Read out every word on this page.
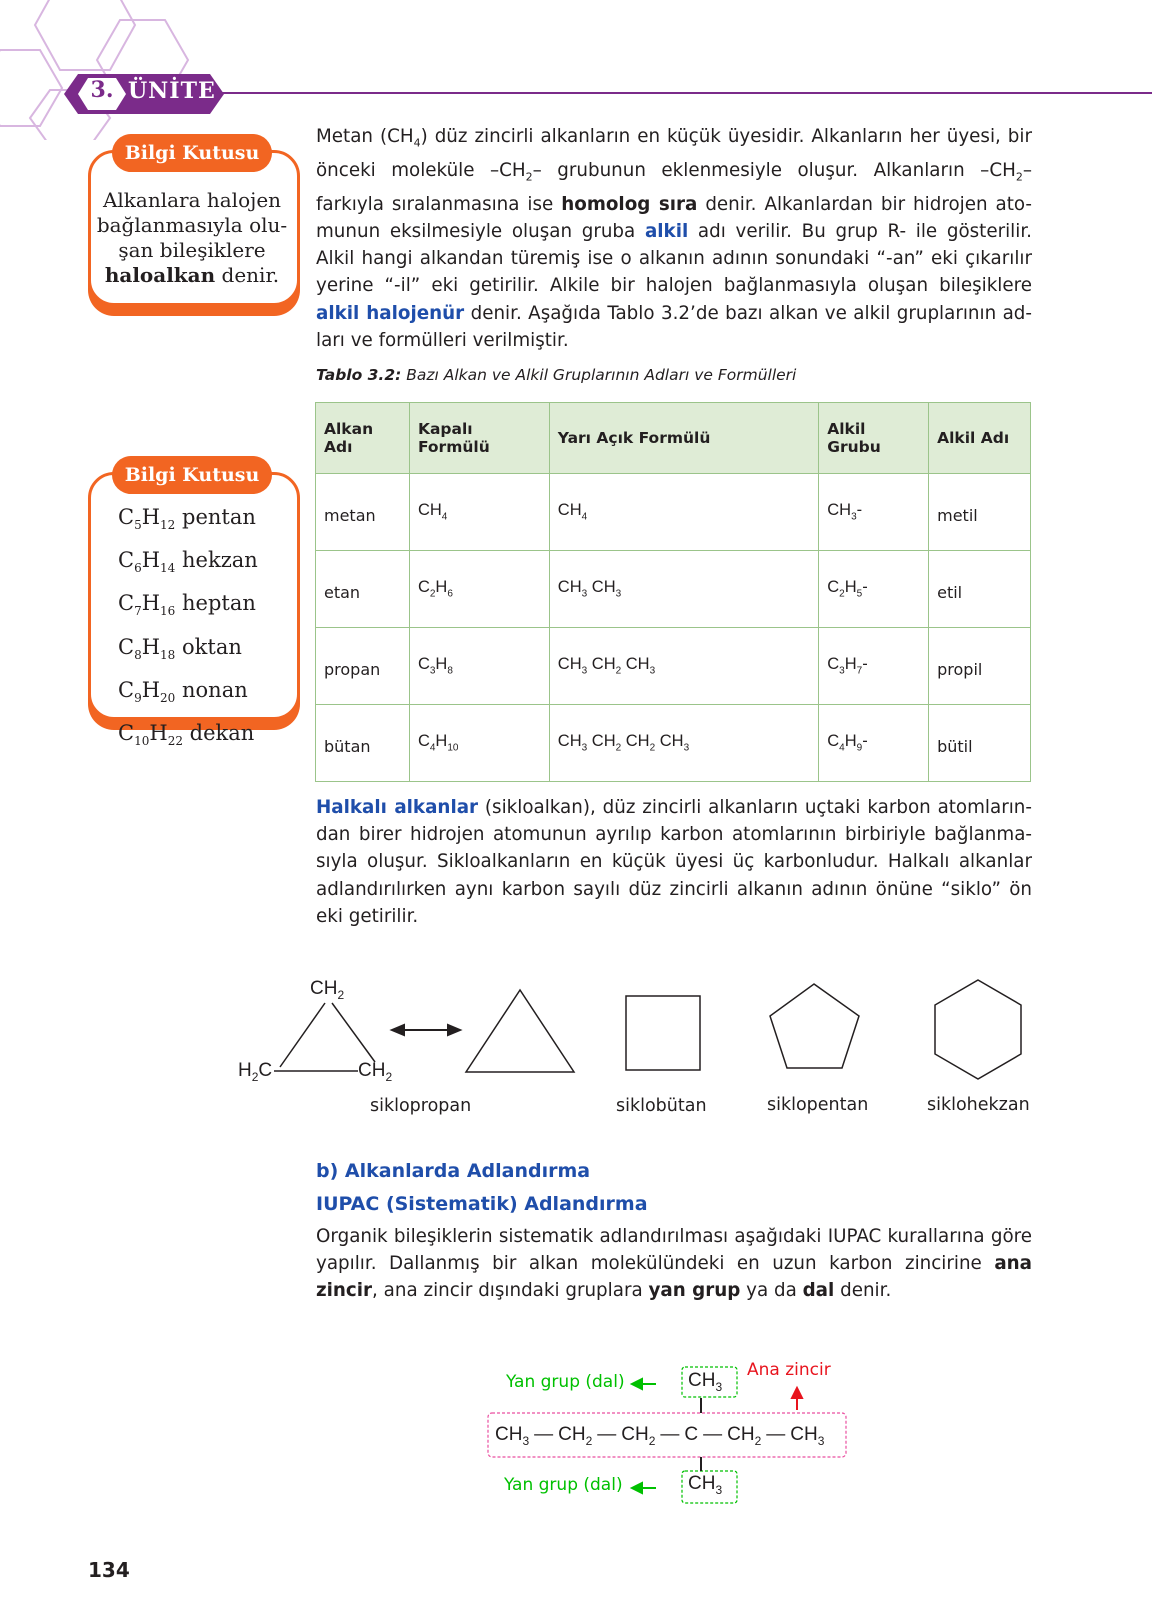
3. ÜNİTE
Bilgi Kutusu
Alkanlara halojen bağlanmasıyla olu-şan bileşiklere haloalkan denir.
Bilgi Kutusu
$C_5H_{12}$ pentan
$C_6H_{14}$ hekzan
$C_7H_{16}$ heptan
$C_8H_{18}$ oktan
$C_9H_{20}$ nonan
$C_{10}H_{22}$ dekan
Metan $(CH_4)$ düz zincirli alkanların en küçük üyesidir. Alkanların her üyesi, bir önceki moleküle $-CH_2-$ grubunun eklenmesiyle oluşur. Alkanların $-CH_2-$ farkıyla sıralanmasına ise homolog sıra denir. Alkanlardan bir hidrojen ato-munun eksilmesiyle oluşan gruba alkil adı verilir. Bu grup R- ile gösterilir. Alkil hangi alkandan türemiş ise o alkanın adının sonundaki “-an” eki çıkarılır yerine “-il” eki getirilir. Alkile bir halojen bağlanmasıyla oluşan bileşiklere alkil halojenür denir. Aşağıda Tablo 3.2’de bazı alkan ve alkil gruplarının ad-ları ve formülleri verilmiştir.
Tablo 3.2: Bazı Alkan ve Alkil Gruplarının Adları ve Formülleri
Alkan Adı	Kapalı Formülü	Yarı Açık Formülü	Alkil Grubu	Alkil Adı
metan	$CH_4$	$CH_4$	$CH_3-$	metil
etan	$C_2H_6$	$CH_3$ $CH_3$	$C_2H_5-$	etil
propan	$C_3H_8$	$CH_3$ $CH_2$ $CH_3$	$C_3H_7-$	propil
bütan	$C_4H_{10}$	$CH_3$ $CH_2$ $CH_2$ $CH_3$	$C_4H_9-$	bütil
Halkalı alkanlar (sikloalkan), düz zincirli alkanların uçtaki karbon atomların-dan birer hidrojen atomunun ayrılıp karbon atomlarının birbiriyle bağlanma-sıyla oluşur. Sikloalkanların en küçük üyesi üç karbonludur. Halkalı alkanlar adlandırılırken aynı karbon sayılı düz zincirli alkanın adının önüne “siklo” ön eki getirilir.
$CH_2$
$H_2C$	$CH_2$
siklopropan	siklobütan	siklopentan	siklohekzan
b) Alkanlarda Adlandırma
IUPAC (Sistematik) Adlandırma
Organik bileşiklerin sistematik adlandırılması aşağıdaki IUPAC kurallarına göre yapılır. Dallanmış bir alkan molekülündeki en uzun karbon zincirine ana zincir, ana zincir dışındaki gruplara yan grup ya da dal denir.
Yan grup (dal)
Yan grup (dal)
Ana zincir
$CH_3$
$CH_3$
$CH_3$ — $CH_2$ — $CH_2$ — C — $CH_2$ — $CH_3$
134
